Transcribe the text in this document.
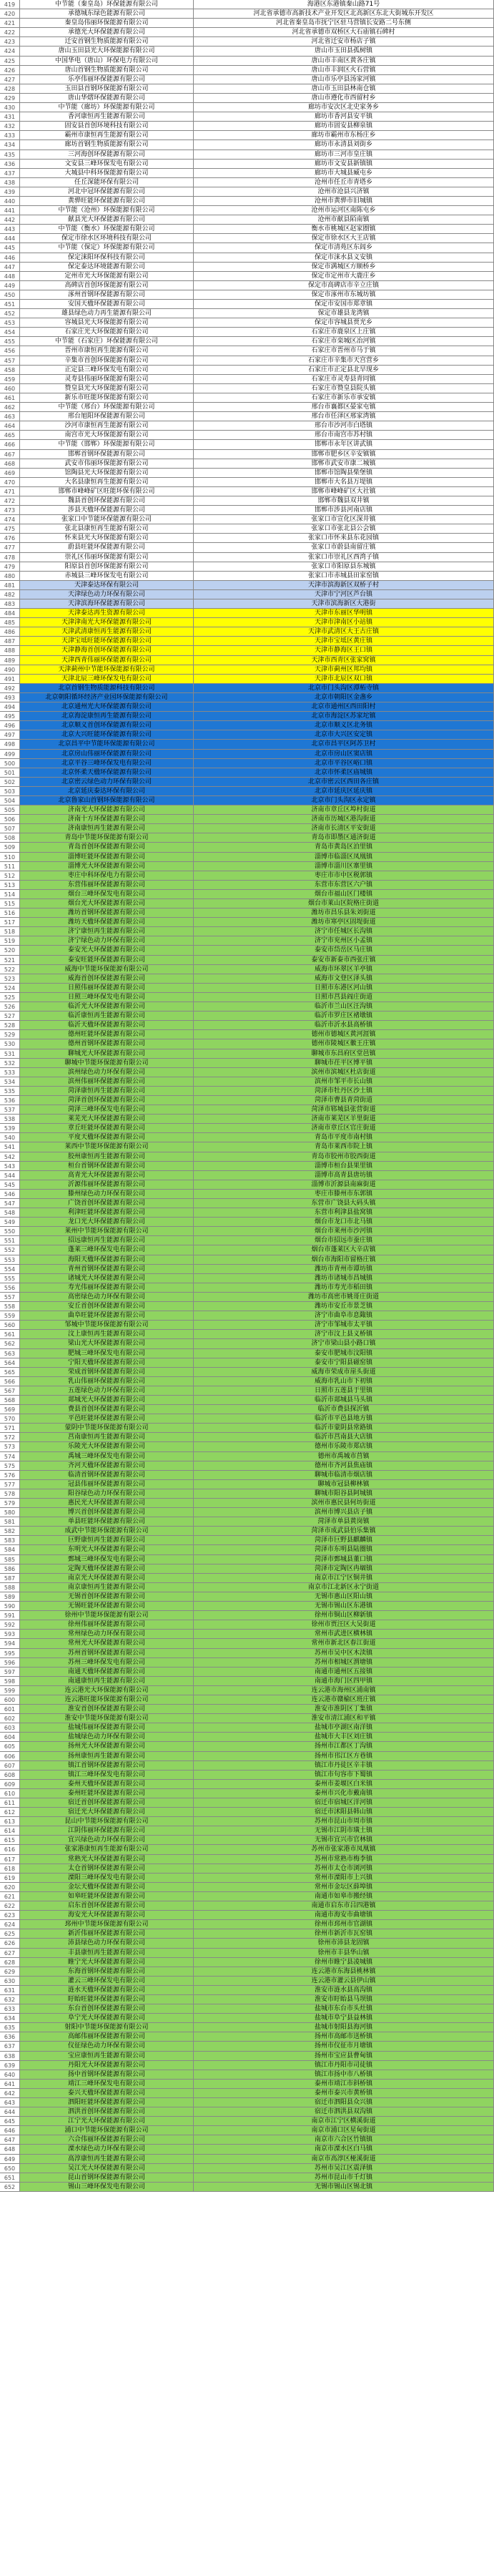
419	中节能（秦皇岛）环保能源有限公司	海港区东港镇秦山路71号
420	承德城东绿色能源有限公司	河北省承德市高新技术产业开发区北高新区东北大街城东开发区
421	秦皇岛伟丽环保能源有限公司	河北省秦皇岛市抚宁区驻马营镇长安路二号东侧
422	承德光大环保能源有限公司	河北省承德市双桥区大石庙镇石碑村
423	迁安首钢生物质能源有限公司	河北省迁安市杨店子镇
424	唐山玉田县光大环保能源有限公司	唐山市玉田县孤树镇
425	中国华电（唐山）环保电力有限公司	唐山市丰南区黄各庄镇
426	唐山首钢生物质能源有限公司	唐山市丰润区火石营镇
427	乐亭伟丽环保能源有限公司	唐山市乐亭县汤家河镇
428	玉田县首钢环保能源有限公司	唐山市玉田县林南仓镇
429	唐山华熠环保能源有限公司	唐山市遵化市西留村乡
430	中节能（廊坊）环保能源有限公司	廊坊市安次区北史家务乡
431	香河康恒再生能源有限公司	廊坊市香河县安平镇
432	固安县首创环境科技有限公司	廊坊市固安县柳泉镇
433	霸州市康恒再生能源有限公司	廊坊市霸州市东杨庄乡
434	廊坊首钢生物质能源有限公司	廊坊市永清县刘街乡
435	三河海创环保能源有限公司	廊坊市三河市皇庄镇
436	文安县三峰环保发电有限公司	廊坊市文安县新镇镇
437	大城县中科环保能源有限公司	廊坊市大城县臧屯乡
438	任丘深能环保有限公司	沧州市任丘市青塔乡
439	河北中冠环保能源有限公司	沧州市沧县兴济镇
440	黄骅旺能环保能源有限公司	沧州市黄骅市旧城镇
441	中节能（沧州）环保能源有限公司	沧州市运河区南陈屯乡
442	献县光大环保能源有限公司	沧州市献县陌南镇
443	中节能（衡水）环保能源有限公司	衡水市桃城区赵家圈镇
444	保定市徐水区环境科技有限公司	保定市徐水区大王店镇
445	中节能（保定）环保能源有限公司	保定市清苑区东闾乡
446	保定涞阳环保科技有限公司	保定市涞水县义安镇
447	保定泰达环境能源有限公司	保定市满城区方顺桥乡
448	定州市光大环保能源有限公司	保定市定州市大鹿庄乡
449	高碑店首创环保能源有限公司	保定市高碑店市辛立庄镇
450	涿州首钢环保能源有限公司	保定市涿州市东城坊镇
451	安国天楹环保能源有限公司	保定市安国市郑章镇
452	雄县绿色动力再生能源有限公司	保定市雄县龙湾镇
453	容城县光大环保能源有限公司	保定市容城县贾光乡
454	石家庄光大环保能源有限公司	石家庄市鹿泉区上庄镇
455	中节能（石家庄）环保能源有限公司	石家庄市栾城区冶河镇
456	晋州市康恒再生能源有限公司	石家庄市晋州市马于镇
457	辛集市首创环保能源有限公司	石家庄市辛集市天宫营乡
458	正定县三峰环保发电有限公司	石家庄市正定县北早现乡
459	灵寿县伟丽环保能源有限公司	石家庄市灵寿县青同镇
460	赞皇县光大环保能源有限公司	石家庄市赞皇县院头镇
461	新乐市旺能环保能源有限公司	石家庄市新乐市承安镇
462	中节能（邢台）环保能源有限公司	邢台市襄都区晏家屯镇
463	邢台旭阳环保能源有限公司	邢台市任泽区邢家湾镇
464	沙河市康恒再生能源有限公司	邢台市沙河市白塔镇
465	南宫市光大环保能源有限公司	邢台市南宫市苏村镇
466	中节能（邯郸）环保能源有限公司	邯郸市永年区讲武镇
467	邯郸首钢环保能源有限公司	邯郸市肥乡区辛安镇镇
468	武安市伟丽环保能源有限公司	邯郸市武安市康二城镇
469	馆陶县光大环保能源有限公司	邯郸市馆陶县柴堡镇
470	大名县康恒再生能源有限公司	邯郸市大名县万堤镇
471	邯郸市峰峰矿区旺能环保有限公司	邯郸市峰峰矿区大社镇
472	魏县首创环保能源有限公司	邯郸市魏县双井镇
473	涉县天楹环保能源有限公司	邯郸市涉县河南店镇
474	张家口中节能环保能源有限公司	张家口市宣化区深井镇
475	张北县康恒再生能源有限公司	张家口市张北县公会镇
476	怀来县光大环保能源有限公司	张家口市怀来县东花园镇
477	蔚县旺能环保能源有限公司	张家口市蔚县南留庄镇
478	崇礼区伟丽环保能源有限公司	张家口市崇礼区西湾子镇
479	阳原县首创环保能源有限公司	张家口市阳原县东城镇
480	赤城县三峰环保发电有限公司	张家口市赤城县田家窑镇
481	天津泰达环保有限公司	天津市滨海新区双桥子村
482	天津绿色动力环保有限公司	天津市宁河区芦台镇
483	天津滨海环保能源有限公司	天津市滨海新区大港街
484	天津泰达再生资源有限公司	天津市东丽区华明镇
485	天津津南光大环保能源有限公司	天津市津南区小站镇
486	天津武清康恒再生能源有限公司	天津市武清区大王古庄镇
487	天津宝坻旺能环保能源有限公司	天津市宝坻区黄庄镇
488	天津静海首创环保能源有限公司	天津市静海区王口镇
489	天津西青伟丽环保能源有限公司	天津市西青区张家窝镇
490	天津蓟州中节能环保能源有限公司	天津市蓟州区邦均镇
491	天津北辰三峰环保发电有限公司	天津市北辰区双口镇
492	北京首钢生物质能源科技有限公司	北京市门头沟区潭柘寺镇
493	北京朝阳循环经济产业园环保能源有限公司	北京市朝阳区金盏乡
494	北京通州光大环保能源有限公司	北京市通州区西田阳村
495	北京海淀康恒再生能源有限公司	北京市海淀区苏家坨镇
496	北京顺义首创环保能源有限公司	北京市顺义区北务镇
497	北京大兴旺能环保能源有限公司	北京市大兴区安定镇
498	北京昌平中节能环保能源有限公司	北京市昌平区阿苏卫村
499	北京房山伟丽环保能源有限公司	北京市房山区窦店镇
500	北京平谷三峰环保发电有限公司	北京市平谷区峪口镇
501	北京怀柔天楹环保能源有限公司	北京市怀柔区庙城镇
502	北京密云绿色动力环保有限公司	北京市密云区西田各庄镇
503	北京延庆泰达环保有限公司	北京市延庆区延庆镇
504	北京鲁家山首钢环保能源有限公司	北京市门头沟区永定镇
505	济南光大环保能源有限公司	济南市章丘区埠村街道
506	济南十方环保能源有限公司	济南市历城区港沟街道
507	济南康恒再生能源有限公司	济南市长清区平安街道
508	青岛中节能环保能源有限公司	青岛市即墨区通济街道
509	青岛首创环保能源有限公司	青岛市黄岛区泊里镇
510	淄博旺能环保能源有限公司	淄博市临淄区凤凰镇
511	淄博光大环保能源有限公司	淄博市淄川区寨里镇
512	枣庄中科环保电力有限公司	枣庄市市中区税郭镇
513	东营伟丽环保能源有限公司	东营市东营区六户镇
514	烟台三峰环保发电有限公司	烟台市福山区门楼镇
515	烟台光大环保能源有限公司	烟台市莱山区院格庄街道
516	潍坊首钢环保能源有限公司	潍坊市昌乐县朱刘街道
517	潍坊天楹环保能源有限公司	潍坊市寒亭区固堤街道
518	济宁康恒再生能源有限公司	济宁市任城区长沟镇
519	济宁绿色动力环保有限公司	济宁市兖州区小孟镇
520	泰安光大环保能源有限公司	泰安市岱岳区马庄镇
521	泰安旺能环保能源有限公司	泰安市新泰市西张庄镇
522	威海中节能环保能源有限公司	威海市环翠区羊亭镇
523	威海首创环保能源有限公司	威海市文登区泽头镇
524	日照伟丽环保能源有限公司	日照市东港区河山镇
525	日照三峰环保发电有限公司	日照市莒县阎庄街道
526	临沂光大环保能源有限公司	临沂市兰山区汪沟镇
527	临沂康恒再生能源有限公司	临沂市罗庄区褚墩镇
528	临沂天楹环保能源有限公司	临沂市沂水县高桥镇
529	德州旺能环保能源有限公司	德州市德城区黄河涯镇
530	德州首钢环保能源有限公司	德州市陵城区徽王庄镇
531	聊城光大环保能源有限公司	聊城市东昌府区堂邑镇
532	聊城中节能环保能源有限公司	聊城市茌平区博平镇
533	滨州绿色动力环保有限公司	滨州市滨城区杜店街道
534	滨州伟丽环保能源有限公司	滨州市邹平市长山镇
535	菏泽康恒再生能源有限公司	菏泽市牡丹区沙土镇
536	菏泽首创环保能源有限公司	菏泽市曹县青菏街道
537	菏泽三峰环保发电有限公司	菏泽市郓城县张营街道
538	莱芜光大环保能源有限公司	济南市莱芜区羊里街道
539	章丘旺能环保能源有限公司	济南市章丘区官庄街道
540	平度天楹环保能源有限公司	青岛市平度市南村镇
541	莱西中节能环保能源有限公司	青岛市莱西市院上镇
542	胶州康恒再生能源有限公司	青岛市胶州市胶西街道
543	桓台首钢环保能源有限公司	淄博市桓台县果里镇
544	高青光大环保能源有限公司	淄博市高青县唐坊镇
545	沂源伟丽环保能源有限公司	淄博市沂源县南麻街道
546	滕州绿色动力环保有限公司	枣庄市滕州市东郭镇
547	广饶首创环保能源有限公司	东营市广饶县大码头镇
548	利津旺能环保能源有限公司	东营市利津县盐窝镇
549	龙口光大环保能源有限公司	烟台市龙口市北马镇
550	莱州中节能环保能源有限公司	烟台市莱州市沙河镇
551	招远康恒再生能源有限公司	烟台市招远市蚕庄镇
552	蓬莱三峰环保发电有限公司	烟台市蓬莱区大辛店镇
553	海阳天楹环保能源有限公司	烟台市海阳市留格庄镇
554	青州首钢环保能源有限公司	潍坊市青州市谭坊镇
555	诸城光大环保能源有限公司	潍坊市诸城市昌城镇
556	寿光伟丽环保能源有限公司	潍坊市寿光市稻田镇
557	高密绿色动力环保有限公司	潍坊市高密市姚哥庄街道
558	安丘首创环保能源有限公司	潍坊市安丘市景芝镇
559	曲阜旺能环保能源有限公司	济宁市曲阜市息陬镇
560	邹城中节能环保能源有限公司	济宁市邹城市太平镇
561	汶上康恒再生能源有限公司	济宁市汶上县义桥镇
562	梁山光大环保能源有限公司	济宁市梁山县小路口镇
563	肥城三峰环保发电有限公司	泰安市肥城市汶阳镇
564	宁阳天楹环保能源有限公司	泰安市宁阳县磁窑镇
565	荣成首钢环保能源有限公司	威海市荣成市崖头街道
566	乳山伟丽环保能源有限公司	威海市乳山市下初镇
567	五莲绿色动力环保有限公司	日照市五莲县于里镇
568	郯城光大环保能源有限公司	临沂市郯城县马头镇
569	费县首创环保能源有限公司	临沂市费县探沂镇
570	平邑旺能环保能源有限公司	临沂市平邑县地方镇
571	蒙阴中节能环保能源有限公司	临沂市蒙阴县常路镇
572	莒南康恒再生能源有限公司	临沂市莒南县大店镇
573	乐陵光大环保能源有限公司	德州市乐陵市郑店镇
574	禹城三峰环保发电有限公司	德州市禹城市莒镇
575	齐河天楹环保能源有限公司	德州市齐河县焦庙镇
576	临清首钢环保能源有限公司	聊城市临清市烟店镇
577	冠县伟丽环保能源有限公司	聊城市冠县柳林镇
578	阳谷绿色动力环保有限公司	聊城市阳谷县阿城镇
579	惠民光大环保能源有限公司	滨州市惠民县何坊街道
580	博兴首创环保能源有限公司	滨州市博兴县店子镇
581	单县旺能环保能源有限公司	菏泽市单县黄岗镇
582	成武中节能环保能源有限公司	菏泽市成武县伯乐集镇
583	巨野康恒再生能源有限公司	菏泽市巨野县麒麟镇
584	东明光大环保能源有限公司	菏泽市东明县陆圈镇
585	鄄城三峰环保发电有限公司	菏泽市鄄城县董口镇
586	定陶天楹环保能源有限公司	菏泽市定陶区冉堌镇
587	南京光大环保能源有限公司	南京市江宁区铜井镇
588	南京康恒再生能源有限公司	南京市江北新区永宁街道
589	无锡首创环保能源有限公司	无锡市惠山区阳山镇
590	无锡旺能环保能源有限公司	无锡市锡山区东港镇
591	徐州中节能环保能源有限公司	徐州市铜山区柳新镇
592	徐州伟丽环保能源有限公司	徐州市贾汪区大吴街道
593	常州绿色动力环保有限公司	常州市武进区横林镇
594	常州光大环保能源有限公司	常州市新北区春江街道
595	苏州首钢环保能源有限公司	苏州市吴中区木渎镇
596	苏州三峰环保发电有限公司	苏州市相城区渭塘镇
597	南通天楹环保能源有限公司	南通市通州区五接镇
598	南通康恒再生能源有限公司	南通市海门区四甲镇
599	连云港光大环保能源有限公司	连云港市海州区浦南镇
600	连云港旺能环保能源有限公司	连云港市赣榆区班庄镇
601	淮安首创环保能源有限公司	淮安市淮阴区丁集镇
602	淮安中节能环保能源有限公司	淮安市清江浦区和平镇
603	盐城伟丽环保能源有限公司	盐城市亭湖区南洋镇
604	盐城绿色动力环保有限公司	盐城市大丰区刘庄镇
605	扬州光大环保能源有限公司	扬州市江都区丁沟镇
606	扬州康恒再生能源有限公司	扬州市邗江区方巷镇
607	镇江首钢环保能源有限公司	镇江市丹徒区辛丰镇
608	镇江三峰环保发电有限公司	镇江市句容市下蜀镇
609	泰州天楹环保能源有限公司	泰州市姜堰区白米镇
610	泰州旺能环保能源有限公司	泰州市兴化市戴南镇
611	宿迁首创环保能源有限公司	宿迁市宿城区洋河镇
612	宿迁光大环保能源有限公司	宿迁市沭阳县韩山镇
613	昆山中节能环保能源有限公司	苏州市昆山市周市镇
614	江阴伟丽环保能源有限公司	无锡市江阴市璜土镇
615	宜兴绿色动力环保有限公司	无锡市宜兴市官林镇
616	张家港康恒再生能源有限公司	苏州市张家港市凤凰镇
617	常熟光大环保能源有限公司	苏州市常熟市梅李镇
618	太仓首钢环保能源有限公司	苏州市太仓市浏河镇
619	溧阳三峰环保发电有限公司	常州市溧阳市上兴镇
620	金坛天楹环保能源有限公司	常州市金坛区薛埠镇
621	如皋旺能环保能源有限公司	南通市如皋市搬经镇
622	启东首创环保能源有限公司	南通市启东市吕四港镇
623	海安光大环保能源有限公司	南通市海安市曲塘镇
624	邳州中节能环保能源有限公司	徐州市邳州市官湖镇
625	新沂伟丽环保能源有限公司	徐州市新沂市瓦窑镇
626	沛县绿色动力环保有限公司	徐州市沛县龙固镇
627	丰县康恒再生能源有限公司	徐州市丰县华山镇
628	睢宁光大环保能源有限公司	徐州市睢宁县凌城镇
629	东海首钢环保能源有限公司	连云港市东海县桃林镇
630	灌云三峰环保发电有限公司	连云港市灌云县伊山镇
631	涟水天楹环保能源有限公司	淮安市涟水县高沟镇
632	盱眙旺能环保能源有限公司	淮安市盱眙县马坝镇
633	东台首创环保能源有限公司	盐城市东台市头灶镇
634	阜宁光大环保能源有限公司	盐城市阜宁县益林镇
635	射阳中节能环保能源有限公司	盐城市射阳县海河镇
636	高邮伟丽环保能源有限公司	扬州市高邮市送桥镇
637	仪征绿色动力环保有限公司	扬州市仪征市月塘镇
638	宝应康恒再生能源有限公司	扬州市宝应县曹甸镇
639	丹阳光大环保能源有限公司	镇江市丹阳市司徒镇
640	扬中首钢环保能源有限公司	镇江市扬中市八桥镇
641	靖江三峰环保发电有限公司	泰州市靖江市斜桥镇
642	泰兴天楹环保能源有限公司	泰州市泰兴市黄桥镇
643	泗阳旺能环保能源有限公司	宿迁市泗阳县众兴镇
644	泗洪首创环保能源有限公司	宿迁市泗洪县双沟镇
645	江宁光大环保能源有限公司	南京市江宁区横溪街道
646	浦口中节能环保能源有限公司	南京市浦口区星甸街道
647	六合伟丽环保能源有限公司	南京市六合区竹镇镇
648	溧水绿色动力环保有限公司	南京市溧水区白马镇
649	高淳康恒再生能源有限公司	南京市高淳区桠溪街道
650	吴江光大环保能源有限公司	苏州市吴江区震泽镇
651	昆山首钢环保能源有限公司	苏州市昆山市千灯镇
652	锡山三峰环保发电有限公司	无锡市锡山区锡北镇
